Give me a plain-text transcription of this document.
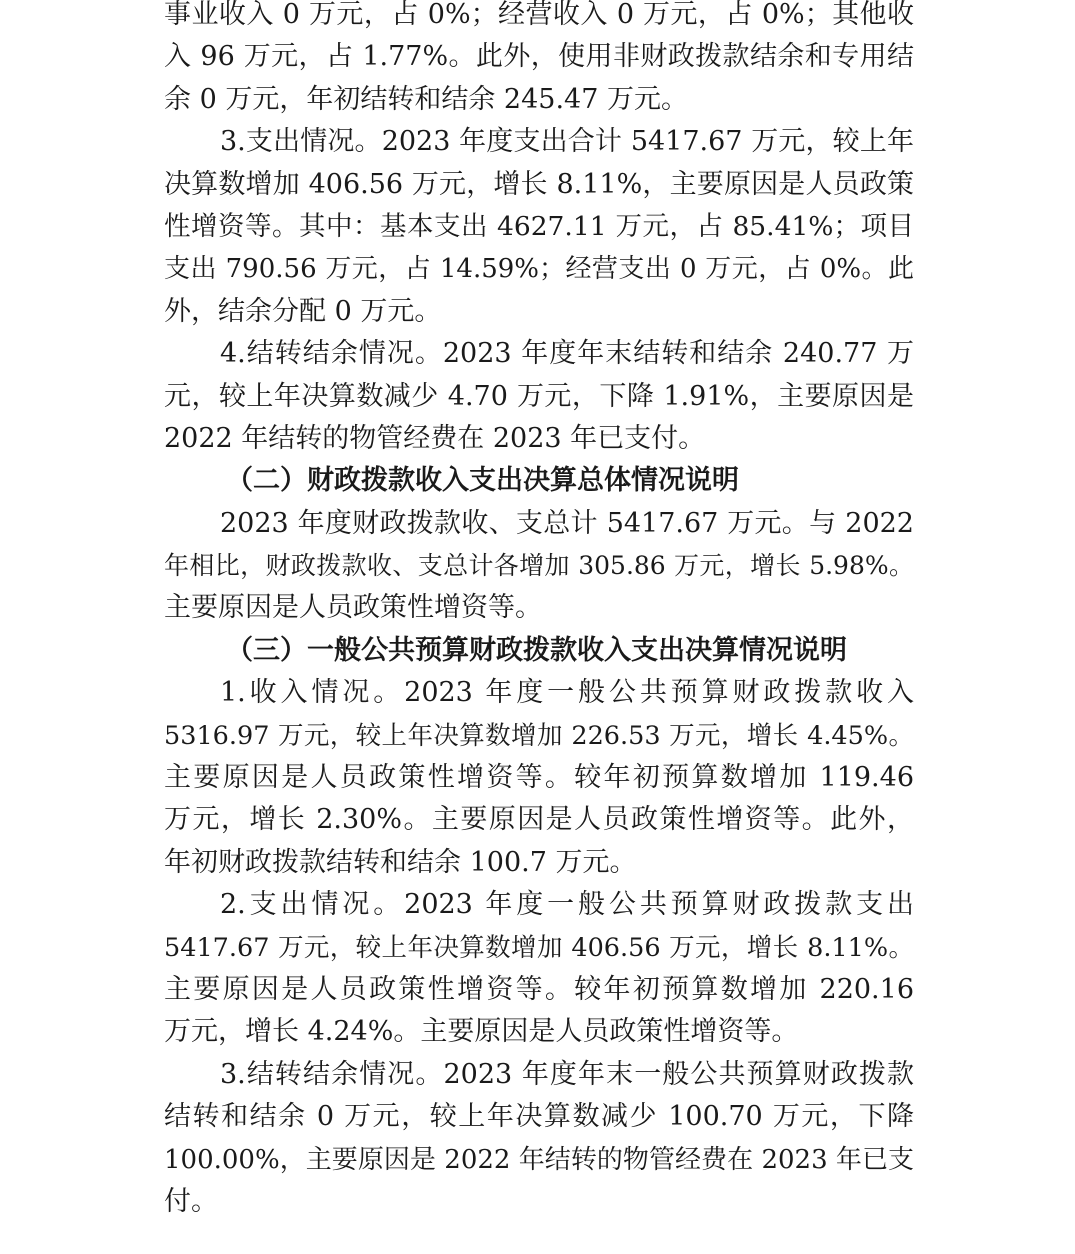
事业收入 0 万元，占 0%；经营收入 0 万元，占 0%；其他收
入 96 万元，占 1.77%。此外，使用非财政拨款结余和专用结
余 0 万元，年初结转和结余 245.47 万元。
3.支出情况。2023 年度支出合计 5417.67 万元，较上年
决算数增加 406.56 万元，增长 8.11%，主要原因是人员政策
性增资等。其中：基本支出 4627.11 万元，占 85.41%；项目
支出 790.56 万元，占 14.59%；经营支出 0 万元，占 0%。此
外，结余分配 0 万元。
4.结转结余情况。2023 年度年末结转和结余 240.77 万
元，较上年决算数减少 4.70 万元，下降 1.91%，主要原因是
2022 年结转的物管经费在 2023 年已支付。
（二）财政拨款收入支出决算总体情况说明
2023 年度财政拨款收、支总计 5417.67 万元。与 2022
年相比，财政拨款收、支总计各增加 305.86 万元，增长 5.98%。
主要原因是人员政策性增资等。
（三）一般公共预算财政拨款收入支出决算情况说明
1.收入情况。2023 年度一般公共预算财政拨款收入
5316.97 万元，较上年决算数增加 226.53 万元，增长 4.45%。
主要原因是人员政策性增资等。较年初预算数增加 119.46
万元，增长 2.30%。主要原因是人员政策性增资等。此外，
年初财政拨款结转和结余 100.7 万元。
2.支出情况。2023 年度一般公共预算财政拨款支出
5417.67 万元，较上年决算数增加 406.56 万元，增长 8.11%。
主要原因是人员政策性增资等。较年初预算数增加 220.16
万元，增长 4.24%。主要原因是人员政策性增资等。
3.结转结余情况。2023 年度年末一般公共预算财政拨款
结转和结余 0 万元，较上年决算数减少 100.70 万元，下降
100.00%，主要原因是 2022 年结转的物管经费在 2023 年已支
付。
